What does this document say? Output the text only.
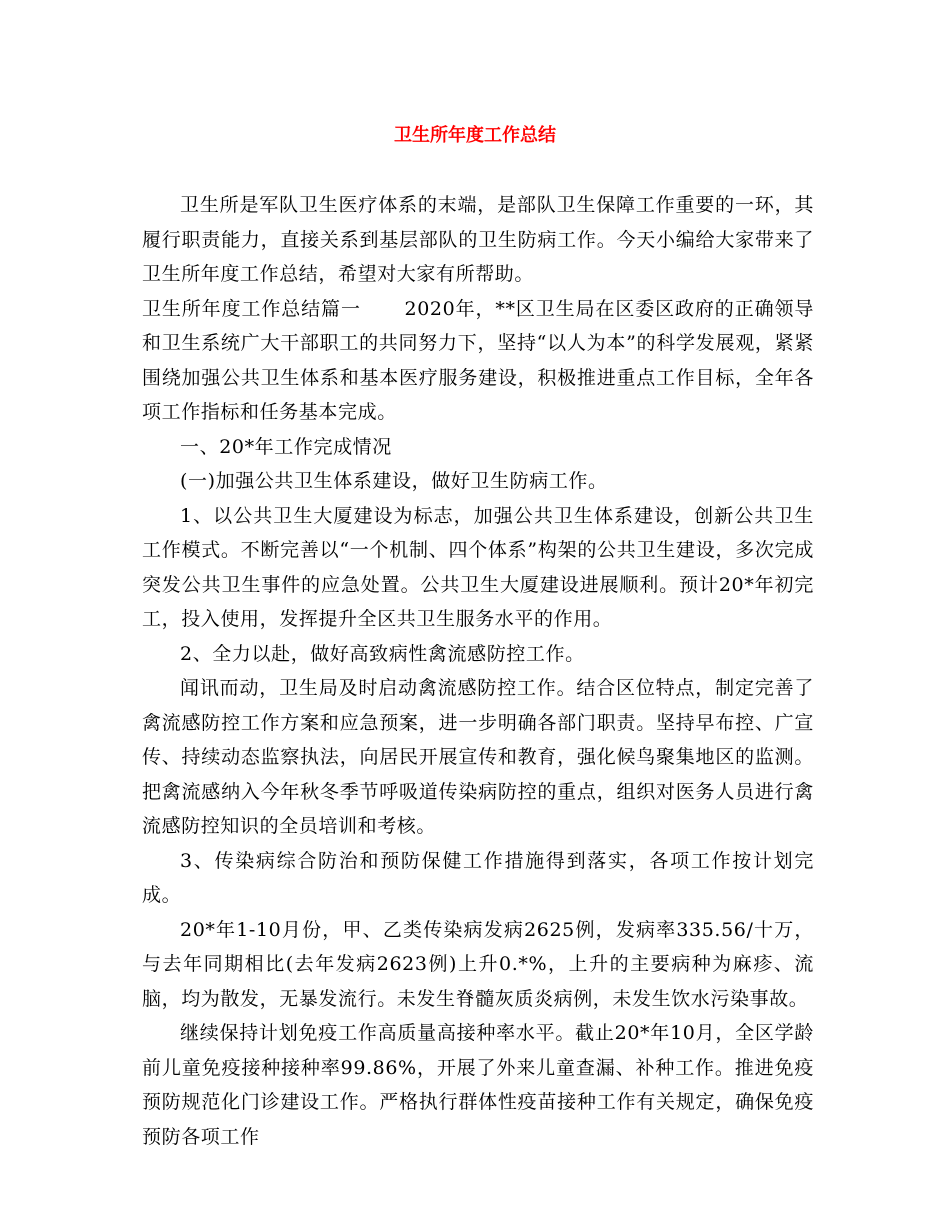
卫生所年度工作总结

卫生所是军队卫生医疗体系的末端，是部队卫生保障工作重要的一环，其履行职责能力，直接关系到基层部队的卫生防病工作。今天小编给大家带来了卫生所年度工作总结，希望对大家有所帮助。

卫生所年度工作总结篇一 2020年，**区卫生局在区委区政府的正确领导和卫生系统广大干部职工的共同努力下，坚持“以人为本”的科学发展观，紧紧围绕加强公共卫生体系和基本医疗服务建设，积极推进重点工作目标，全年各项工作指标和任务基本完成。

一、20*年工作完成情况

(一)加强公共卫生体系建设，做好卫生防病工作。

1、以公共卫生大厦建设为标志，加强公共卫生体系建设，创新公共卫生工作模式。不断完善以“一个机制、四个体系”构架的公共卫生建设，多次完成突发公共卫生事件的应急处置。公共卫生大厦建设进展顺利。预计20*年初完工，投入使用，发挥提升全区共卫生服务水平的作用。

2、全力以赴，做好高致病性禽流感防控工作。

闻讯而动，卫生局及时启动禽流感防控工作。结合区位特点，制定完善了禽流感防控工作方案和应急预案，进一步明确各部门职责。坚持早布控、广宣传、持续动态监察执法，向居民开展宣传和教育，强化候鸟聚集地区的监测。把禽流感纳入今年秋冬季节呼吸道传染病防控的重点，组织对医务人员进行禽流感防控知识的全员培训和考核。

3、传染病综合防治和预防保健工作措施得到落实，各项工作按计划完成。

20*年1-10月份，甲、乙类传染病发病2625例，发病率335.56/十万，与去年同期相比(去年发病2623例)上升0.*%，上升的主要病种为麻疹、流脑，均为散发，无暴发流行。未发生脊髓灰质炎病例，未发生饮水污染事故。

继续保持计划免疫工作高质量高接种率水平。截止20*年10月，全区学龄前儿童免疫接种接种率99.86%，开展了外来儿童查漏、补种工作。推进免疫预防规范化门诊建设工作。严格执行群体性疫苗接种工作有关规定，确保免疫预防各项工作
